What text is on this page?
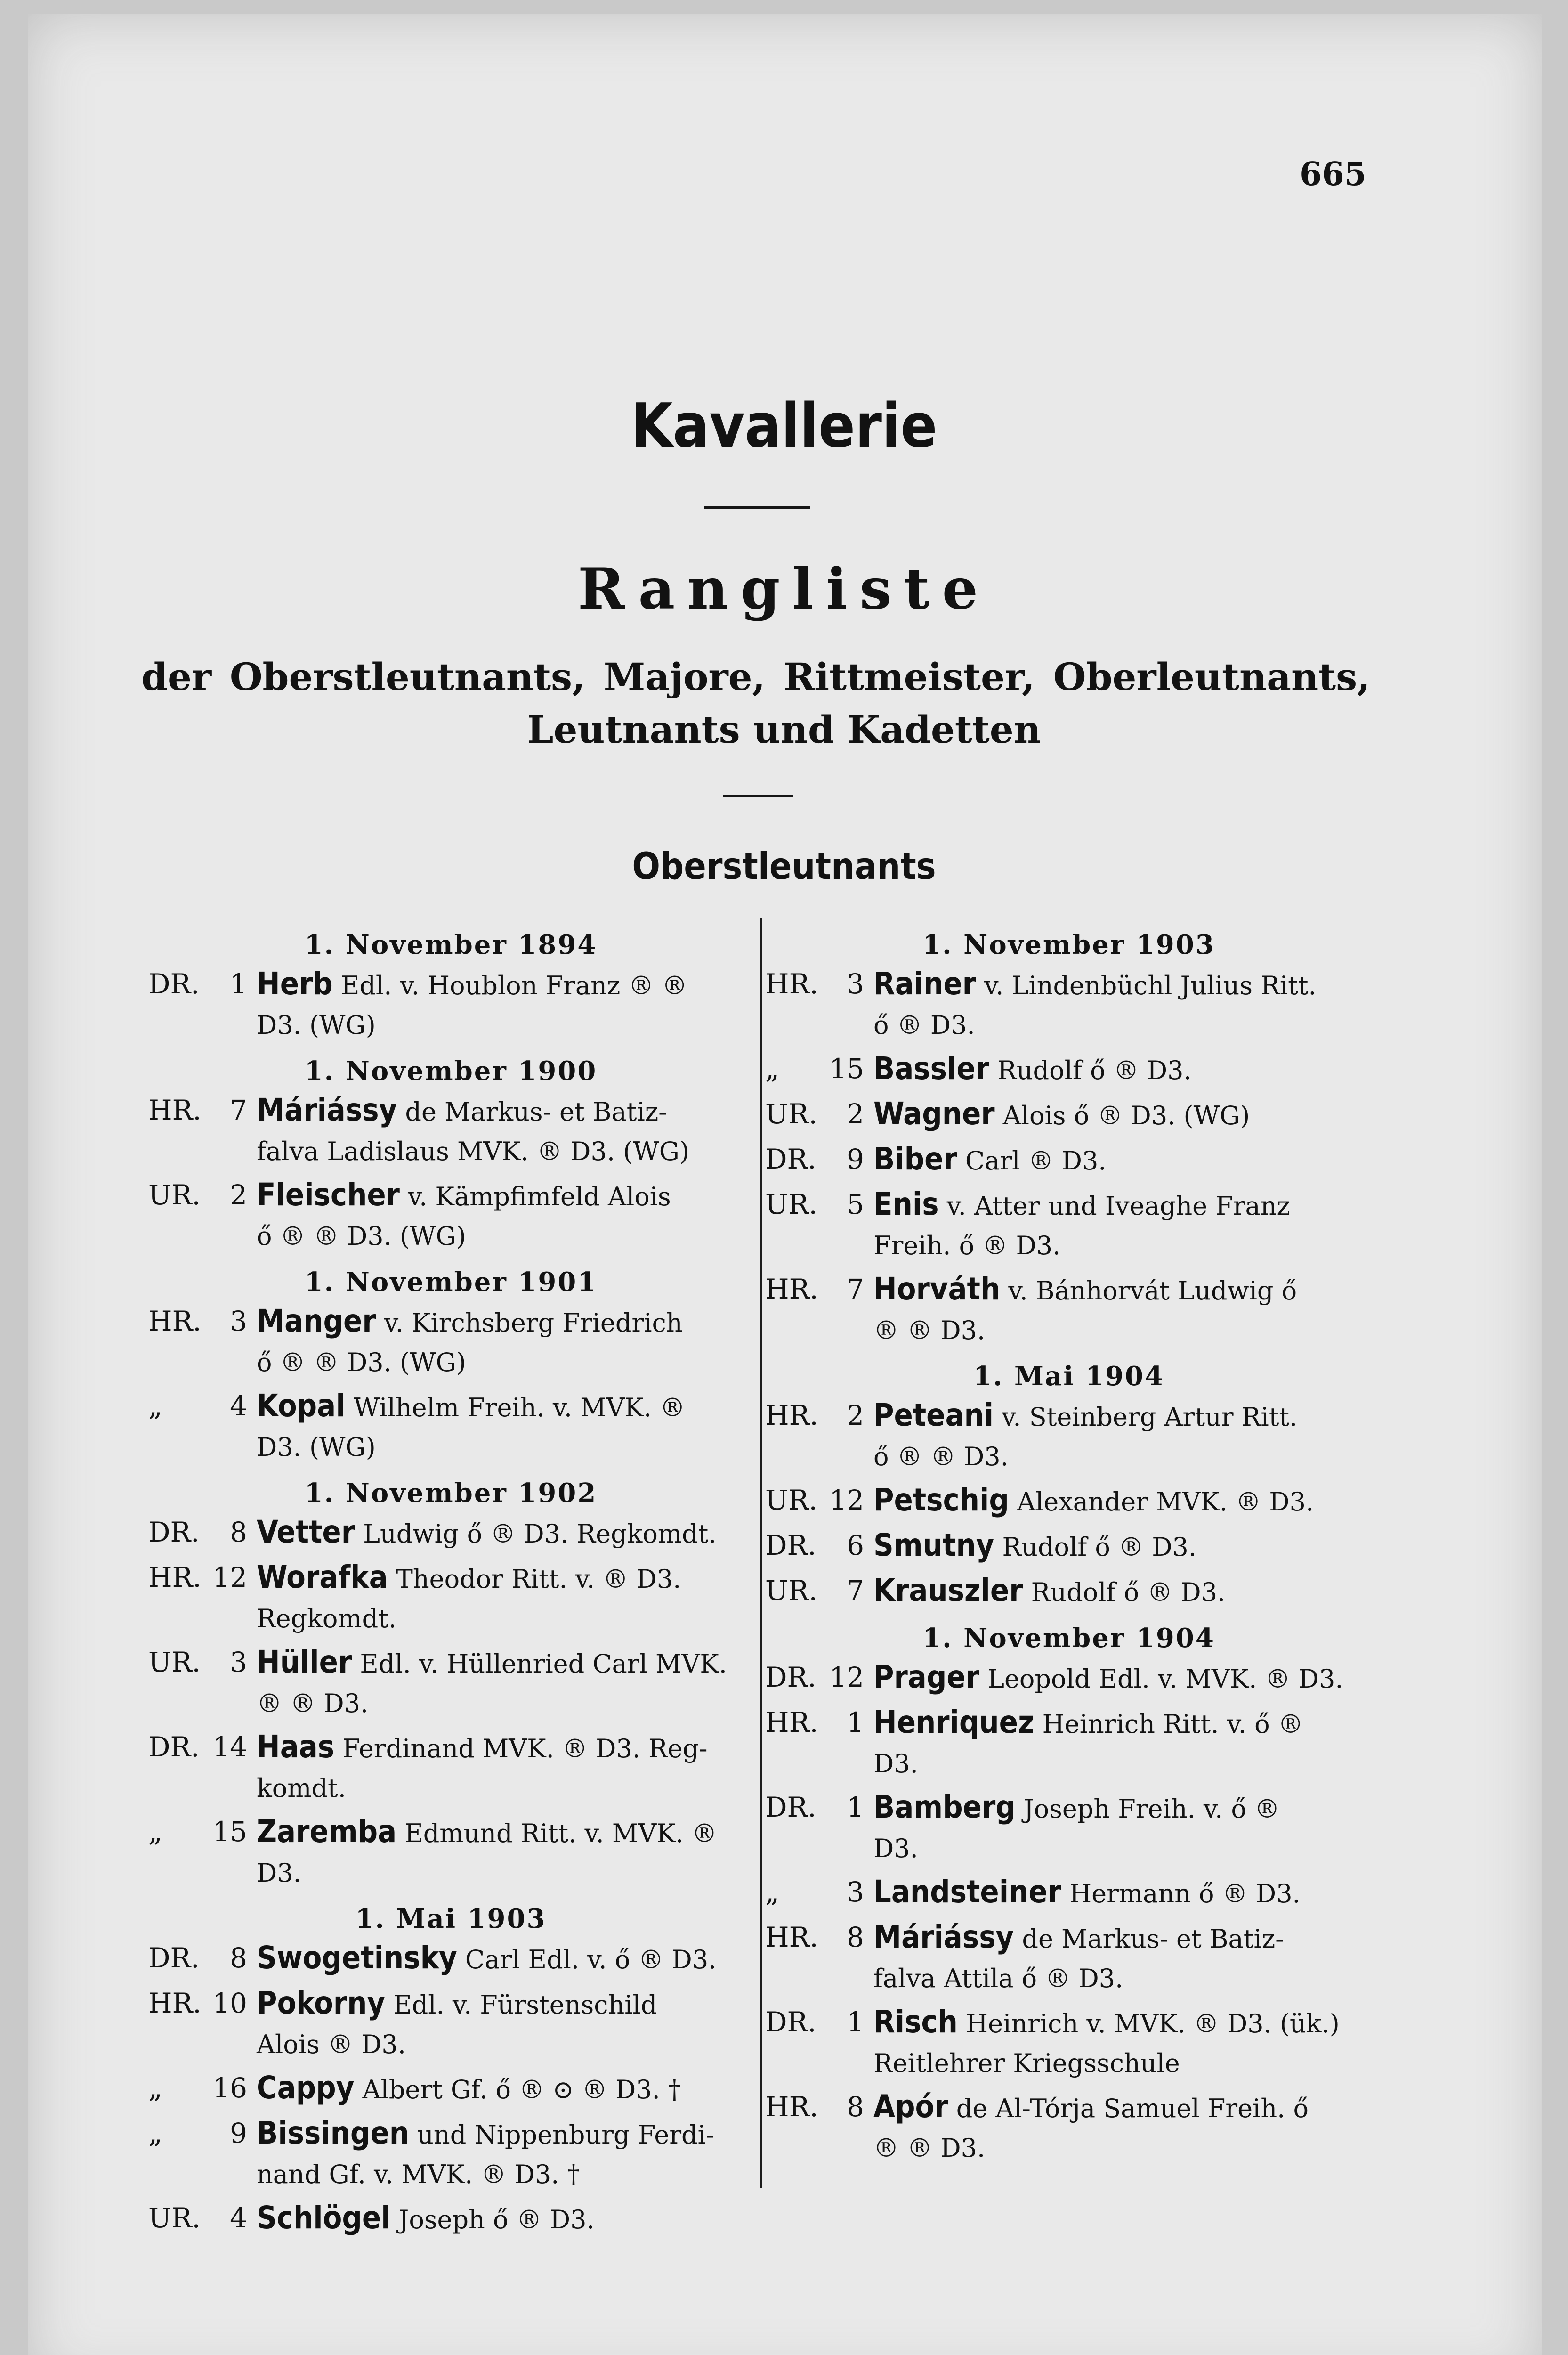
665
Kavallerie
Rangliste
der Oberstleutnants, Majore, Rittmeister, Oberleutnants,
Leutnants und Kadetten
Oberstleutnants
1. November 1894
DR.	1 Herb Edl. v. Houblon Franz ® ®
D3. (WG)
1. November 1900
HR.	7 Máriássy de Markus- et Batiz-
falva Ladislaus MVK. ® D3. (WG)
UR.	2 Fleischer v. Kämpfimfeld Alois
ő ® ® D3. (WG)
1. November 1901
HR.	3 Manger v. Kirchsberg Friedrich
ő ® ® D3. (WG)
„	4 Kopal Wilhelm Freih. v. MVK. ®
D3. (WG)
1. November 1902
DR.	8 Vetter Ludwig ő ® D3. Regkomdt.
HR. 12 Worafka Theodor Ritt. v. ® D3.
Regkomdt.
UR.	3 Hüller Edl. v. Hüllenried Carl MVK.
® ® D3.
DR. 14 Haas Ferdinand MVK. ® D3. Reg-
komdt.
„	15 Zaremba Edmund Ritt. v. MVK. ®
D3.
1. Mai 1903
DR.	8 Swogetinsky Carl Edl. v. ő ® D3.
HR. 10 Pokorny Edl. v. Fürstenschild
Alois ® D3.
„	16 Cappy Albert Gf. ő ® ⊙ ® D3. †
„	9 Bissingen und Nippenburg Ferdi-
nand Gf. v. MVK. ® D3. †
UR.	4 Schlögel Joseph ő ® D3.
1. November 1903
HR.	3 Rainer v. Lindenbüchl Julius Ritt.
ő ® D3.
„	15 Bassler Rudolf ő ® D3.
UR.	2 Wagner Alois ő ® D3. (WG)
DR.	9 Biber Carl ® D3.
UR.	5 Enis v. Atter und Iveaghe Franz
Freih. ő ® D3.
HR.	7 Horváth v. Bánhorvát Ludwig ő
® ® D3.
1. Mai 1904
HR.	2 Peteani v. Steinberg Artur Ritt.
ő ® ® D3.
UR. 12 Petschig Alexander MVK. ® D3.
DR.	6 Smutny Rudolf ő ® D3.
UR.	7 Krauszler Rudolf ő ® D3.
1. November 1904
DR. 12 Prager Leopold Edl. v. MVK. ® D3.
HR.	1 Henriquez Heinrich Ritt. v. ő ®
D3.
DR.	1 Bamberg Joseph Freih. v. ő ®
D3.
„	3 Landsteiner Hermann ő ® D3.
HR.	8 Máriássy de Markus- et Batiz-
falva Attila ő ® D3.
DR.	1 Risch Heinrich v. MVK. ® D3. (ük.)
Reitlehrer Kriegsschule
HR.	8 Apór de Al-Tórja Samuel Freih. ő
® ® D3.
